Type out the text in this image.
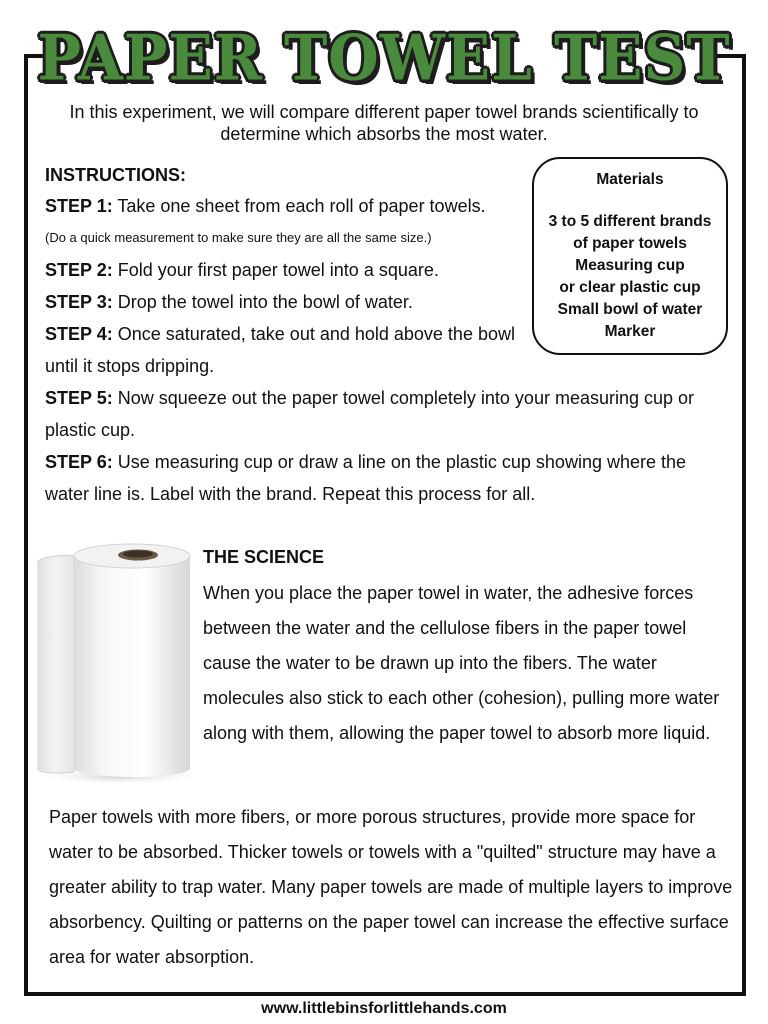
PAPER TOWEL TEST

In this experiment, we will compare different paper towel brands scientifically to determine which absorbs the most water.

INSTRUCTIONS:
STEP 1: Take one sheet from each roll of paper towels.
(Do a quick measurement to make sure they are all the same size.)
STEP 2: Fold your first paper towel into a square.
STEP 3: Drop the towel into the bowl of water.
STEP 4: Once saturated, take out and hold above the bowl until it stops dripping.
STEP 5: Now squeeze out the paper towel completely into your measuring cup or plastic cup.
STEP 6: Use measuring cup or draw a line on the plastic cup showing where the water line is. Label with the brand. Repeat this process for all.
Materials
3 to 5 different brands
of paper towels
Measuring cup
or clear plastic cup
Small bowl of water
Marker
THE SCIENCE

When you place the paper towel in water, the adhesive forces between the water and the cellulose fibers in the paper towel cause the water to be drawn up into the fibers. The water molecules also stick to each other (cohesion), pulling more water along with them, allowing the paper towel to absorb more liquid.

Paper towels with more fibers, or more porous structures, provide more space for water to be absorbed. Thicker towels or towels with a "quilted" structure may have a greater ability to trap water. Many paper towels are made of multiple layers to improve absorbency. Quilting or patterns on the paper towel can increase the effective surface area for water absorption.

www.littlebinsforlittlehands.com
